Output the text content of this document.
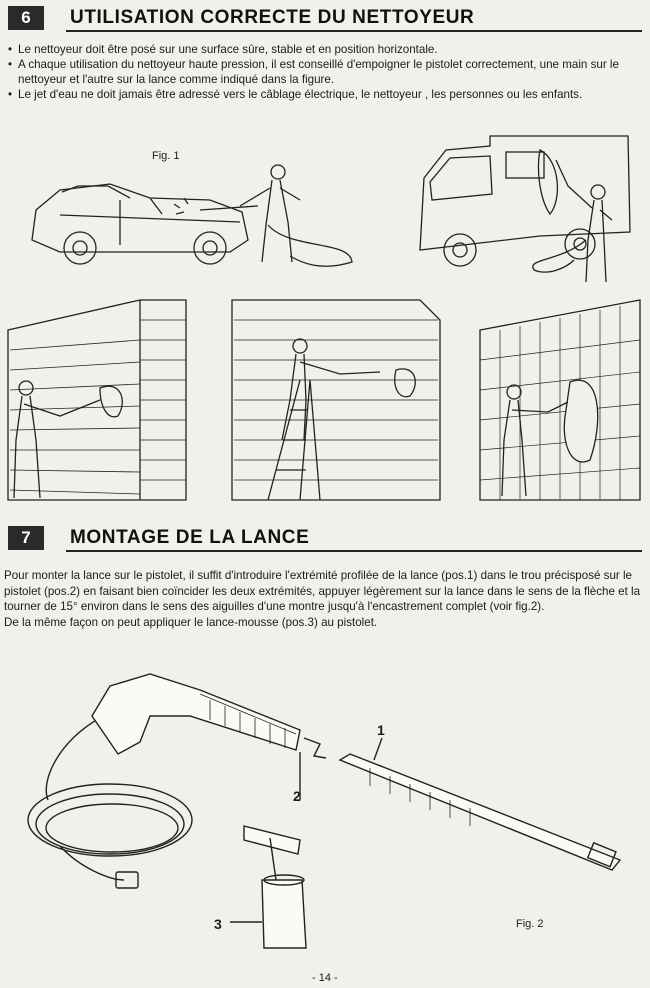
6	UTILISATION CORRECTE DU NETTOYEUR
• Le nettoyeur doit être posé sur une surface sûre, stable et en position horizontale.
• A chaque utilisation du nettoyeur haute pression, il est conseillé d'empoigner le pistolet correctement, une main sur le nettoyeur et l'autre sur la lance comme indiqué dans la figure.
• Le jet d'eau ne doit jamais être adressé vers le câblage électrique, le nettoyeur , les personnes ou les enfants.
Fig. 1
7	MONTAGE DE LA LANCE

Pour monter la lance sur le pistolet, il suffit d'introduire l'extrémité profilée de la lance (pos.1) dans le trou précisposé sur le pistolet (pos.2) en faisant bien coïncider les deux extrémités, appuyer légèrement sur la lance dans le sens de la flèche et la tourner de 15° environ dans le sens des aiguilles d'une montre jusqu'à l'encastrement complet (voir fig.2).

De la même façon on peut appliquer le lance-mousse (pos.3) au pistolet.

1
2
3	Fig. 2
- 14 -
